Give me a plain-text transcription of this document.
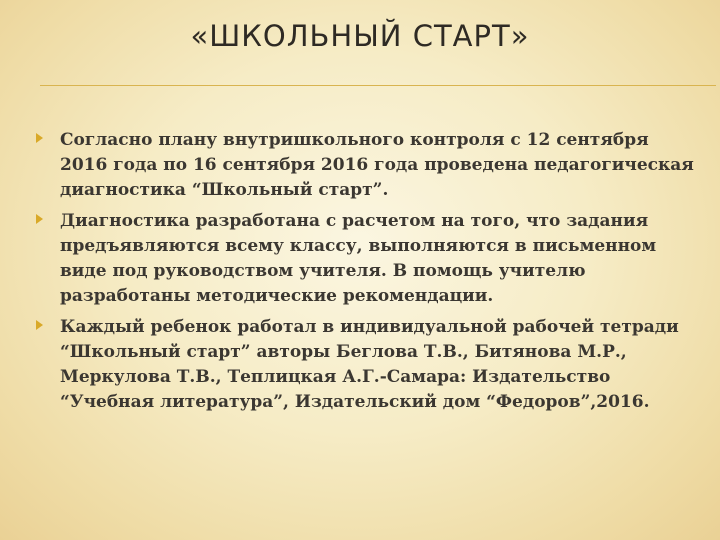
«ШКОЛЬНЫЙ СТАРТ»
Согласно плану внутришкольного контроля с 12 сентября 2016 года по 16 сентября 2016 года проведена педагогическая диагностика “Школьный старт”.
Диагностика разработана с расчетом на того, что задания предъявляются всему классу, выполняются в письменном виде под руководством учителя. В помощь учителю разработаны методические рекомендации.
Каждый ребенок работал в индивидуальной рабочей тетради “Школьный старт” авторы Беглова Т.В., Битянова М.Р., Меркулова Т.В., Теплицкая А.Г.-Самара: Издательство “Учебная литература”, Издательский дом “Федоров”,2016.
